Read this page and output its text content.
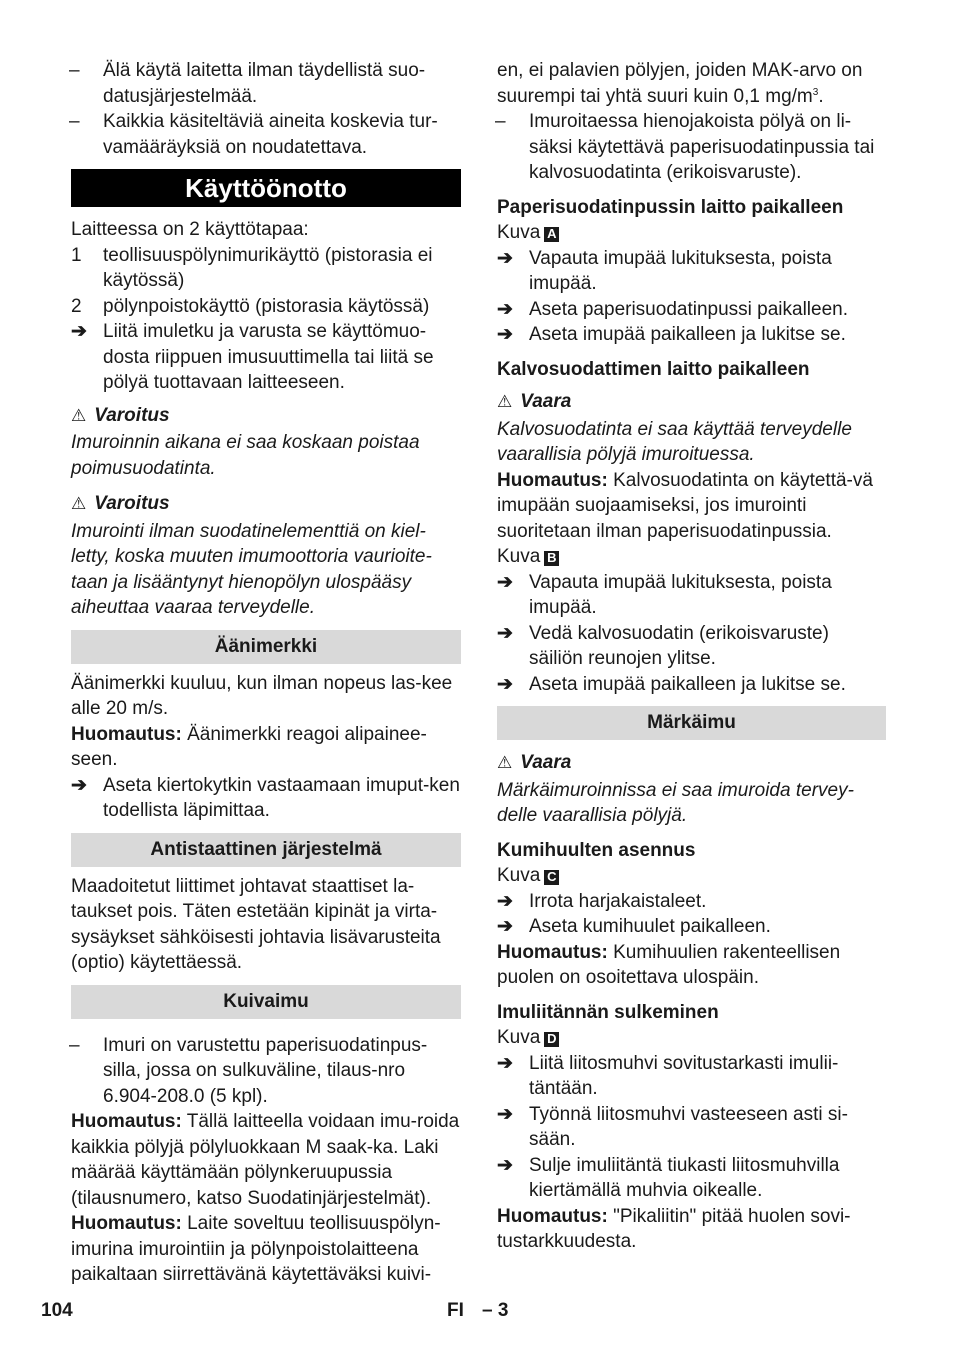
– Älä käytä laitetta ilman täydellistä suo-datusjärjestelmää.

– Kaikkia käsiteltäviä aineita koskevia tur-vamääräyksiä on noudatettava.

Käyttöönotto

Laitteessa on 2 käyttötapaa:

1 teollisuuspölynimurikäyttö (pistorasia ei käytössä)

2 pölynpoistokäyttö (pistorasia käytössä)

➔ Liitä imuletku ja varusta se käyttömuo-dosta riippuen imusuuttimella tai liitä se pölyä tuottavaan laitteeseen.

⚠ Varoitus

Imuroinnin aikana ei saa koskaan poistaa poimusuodatinta.

⚠ Varoitus

Imurointi ilman suodatinelementtiä on kiel-letty, koska muuten imumoottoria vaurioite-taan ja lisääntynyt hienopölyn ulospääsy aiheuttaa vaaraa terveydelle.

Äänimerkki

Äänimerkki kuuluu, kun ilman nopeus las-kee alle 20 m/s.

Huomautus: Äänimerkki reagoi alipainee-seen.

➔ Aseta kiertokytkin vastaamaan imuput-ken todellista läpimittaa.

Antistaattinen järjestelmä

Maadoitetut liittimet johtavat staattiset la-taukset pois. Täten estetään kipinät ja virta-sysäykset sähköisesti johtavia lisävarusteita (optio) käytettäessä.

Kuivaimu

– Imuri on varustettu paperisuodatinpus-silla, jossa on sulkuväline, tilaus-nro 6.904-208.0 (5 kpl).

Huomautus: Tällä laitteella voidaan imu-roida kaikkia pölyjä pölyluokkaan M saak-ka. Laki määrää käyttämään pölynkeruupussia (tilausnumero, katso Suodatinjärjestelmät).

Huomautus: Laite soveltuu teollisuuspölyn-imurina imurointiin ja pölynpoistolaitteena paikaltaan siirrettävänä käytettäväksi kuivi-

en, ei palavien pölyjen, joiden MAK-arvo on suurempi tai yhtä suuri kuin 0,1 $mg/m^3$.

– Imuroitaessa hienojakoista pölyä on li-säksi käytettävä paperisuodatinpussia tai kalvosuodatinta (erikoisvaruste).

Paperisuodatinpussin laitto paikalleen

Kuva A

➔ Vapauta imupää lukituksesta, poista imupää.

➔ Aseta paperisuodatinpussi paikalleen.

➔ Aseta imupää paikalleen ja lukitse se.

Kalvosuodattimen laitto paikalleen

⚠ Vaara

Kalvosuodatinta ei saa käyttää terveydelle vaarallisia pölyjä imuroituessa.

Huomautus: Kalvosuodatinta on käytettä-vä imupään suojaamiseksi, jos imurointi suoritetaan ilman paperisuodatinpussia.

Kuva B

➔ Vapauta imupää lukituksesta, poista imupää.

➔ Vedä kalvosuodatin (erikoisvaruste) säiliön reunojen ylitse.

➔ Aseta imupää paikalleen ja lukitse se.

Märkäimu

⚠ Vaara

Märkäimuroinnissa ei saa imuroida tervey-delle vaarallisia pölyjä.

Kumihuulten asennus

Kuva C

➔ Irrota harjakaistaleet.

➔ Aseta kumihuulet paikalleen.

Huomautus: Kumihuulien rakenteellisen puolen on osoitettava ulospäin.

Imuliitännän sulkeminen

Kuva D

➔ Liitä liitosmuhvi sovitustarkasti imulii-täntään.

➔ Työnnä liitosmuhvi vasteeseen asti si-sään.

➔ Sulje imuliitäntä tiukasti liitosmuhvilla kiertämällä muhvia oikealle.

Huomautus: "Pikaliitin" pitää huolen sovi-tustarkkuudesta.

104	FI – 3
